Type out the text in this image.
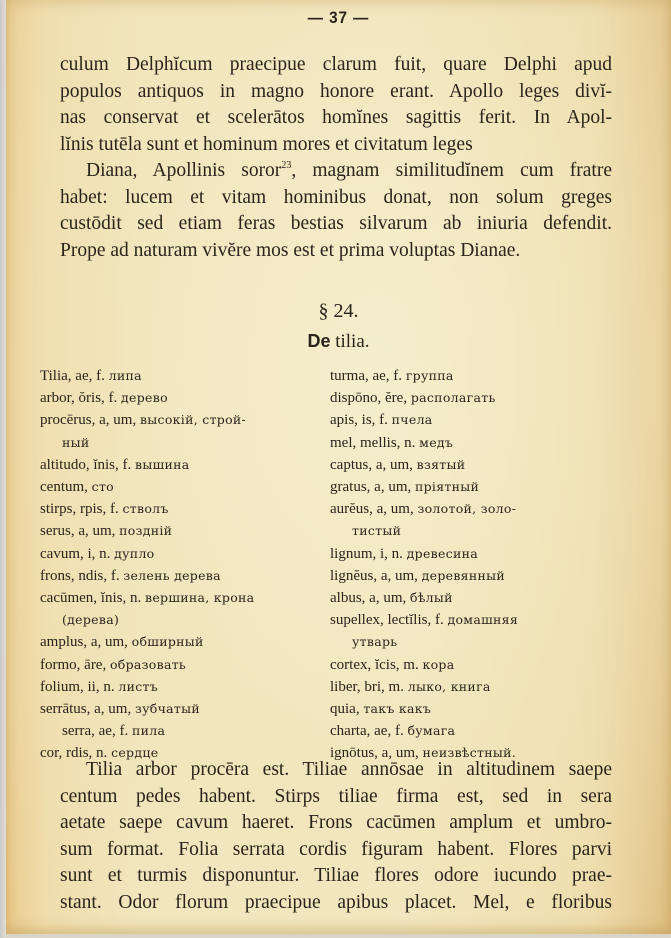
— 37 —
culum Delphĭcum praecipue clarum fuit, quare Delphi apud
populos antiquos in magno honore erant. Apollo leges divĭ-
nas conservat et scelerātos homĭnes sagittis ferit. In Apol-
lĭnis tutēla sunt et hominum mores et civitatum leges
Diana, Apollinis soror$^{23}$, magnam similitudĭnem cum fratre
habet: lucem et vitam hominibus donat, non solum greges
custōdit sed etiam feras bestias silvarum ab iniuria defendit.
Prope ad naturam vivĕre mos est et prima voluptas Dianae.
§ 24.
De tilia.
Tilia, ae, f. липа
arbor, ŏris, f. дерево
procērus, a, um, высокій, строй-
ный
altitudo, ĭnis, f. вышина
centum, сто
stirps, rpis, f. стволъ
serus, a, um, поздній
cavum, i, n. дупло
frons, ndis, f. зелень дерева
cacūmen, ĭnis, n. вершина, крона
(дерева)
amplus, a, um, обширный
formo, āre, образовать
folium, ii, n. листъ
serrātus, a, um, зубчатый
serra, ae, f. пила
cor, rdis, n. сердце
turma, ae, f. группа
dispōno, ĕre, располагать
apis, is, f. пчела
mel, mellis, n. медъ
captus, a, um, взятый
gratus, a, um, пріятный
aurĕus, a, um, золотой, золо-
тистый
lignum, i, n. древесина
lignĕus, a, um, деревянный
albus, a, um, бѣлый
supellex, lectĭlis, f. домашняя
утварь
cortex, ĭcis, m. кора
liber, bri, m. лыко, книга
quia, такъ какъ
charta, ae, f. бумага
ignōtus, a, um, неизвѣстный.
Tilia arbor procēra est. Tiliae annōsae in altitudinem saepe
centum pedes habent. Stirps tiliae firma est, sed in sera
aetate saepe cavum haeret. Frons cacūmen amplum et umbro-
sum format. Folia serrata cordis figuram habent. Flores parvi
sunt et turmis disponuntur. Tiliae flores odore iucundo prae-
stant. Odor florum praecipue apibus placet. Mel, e floribus
